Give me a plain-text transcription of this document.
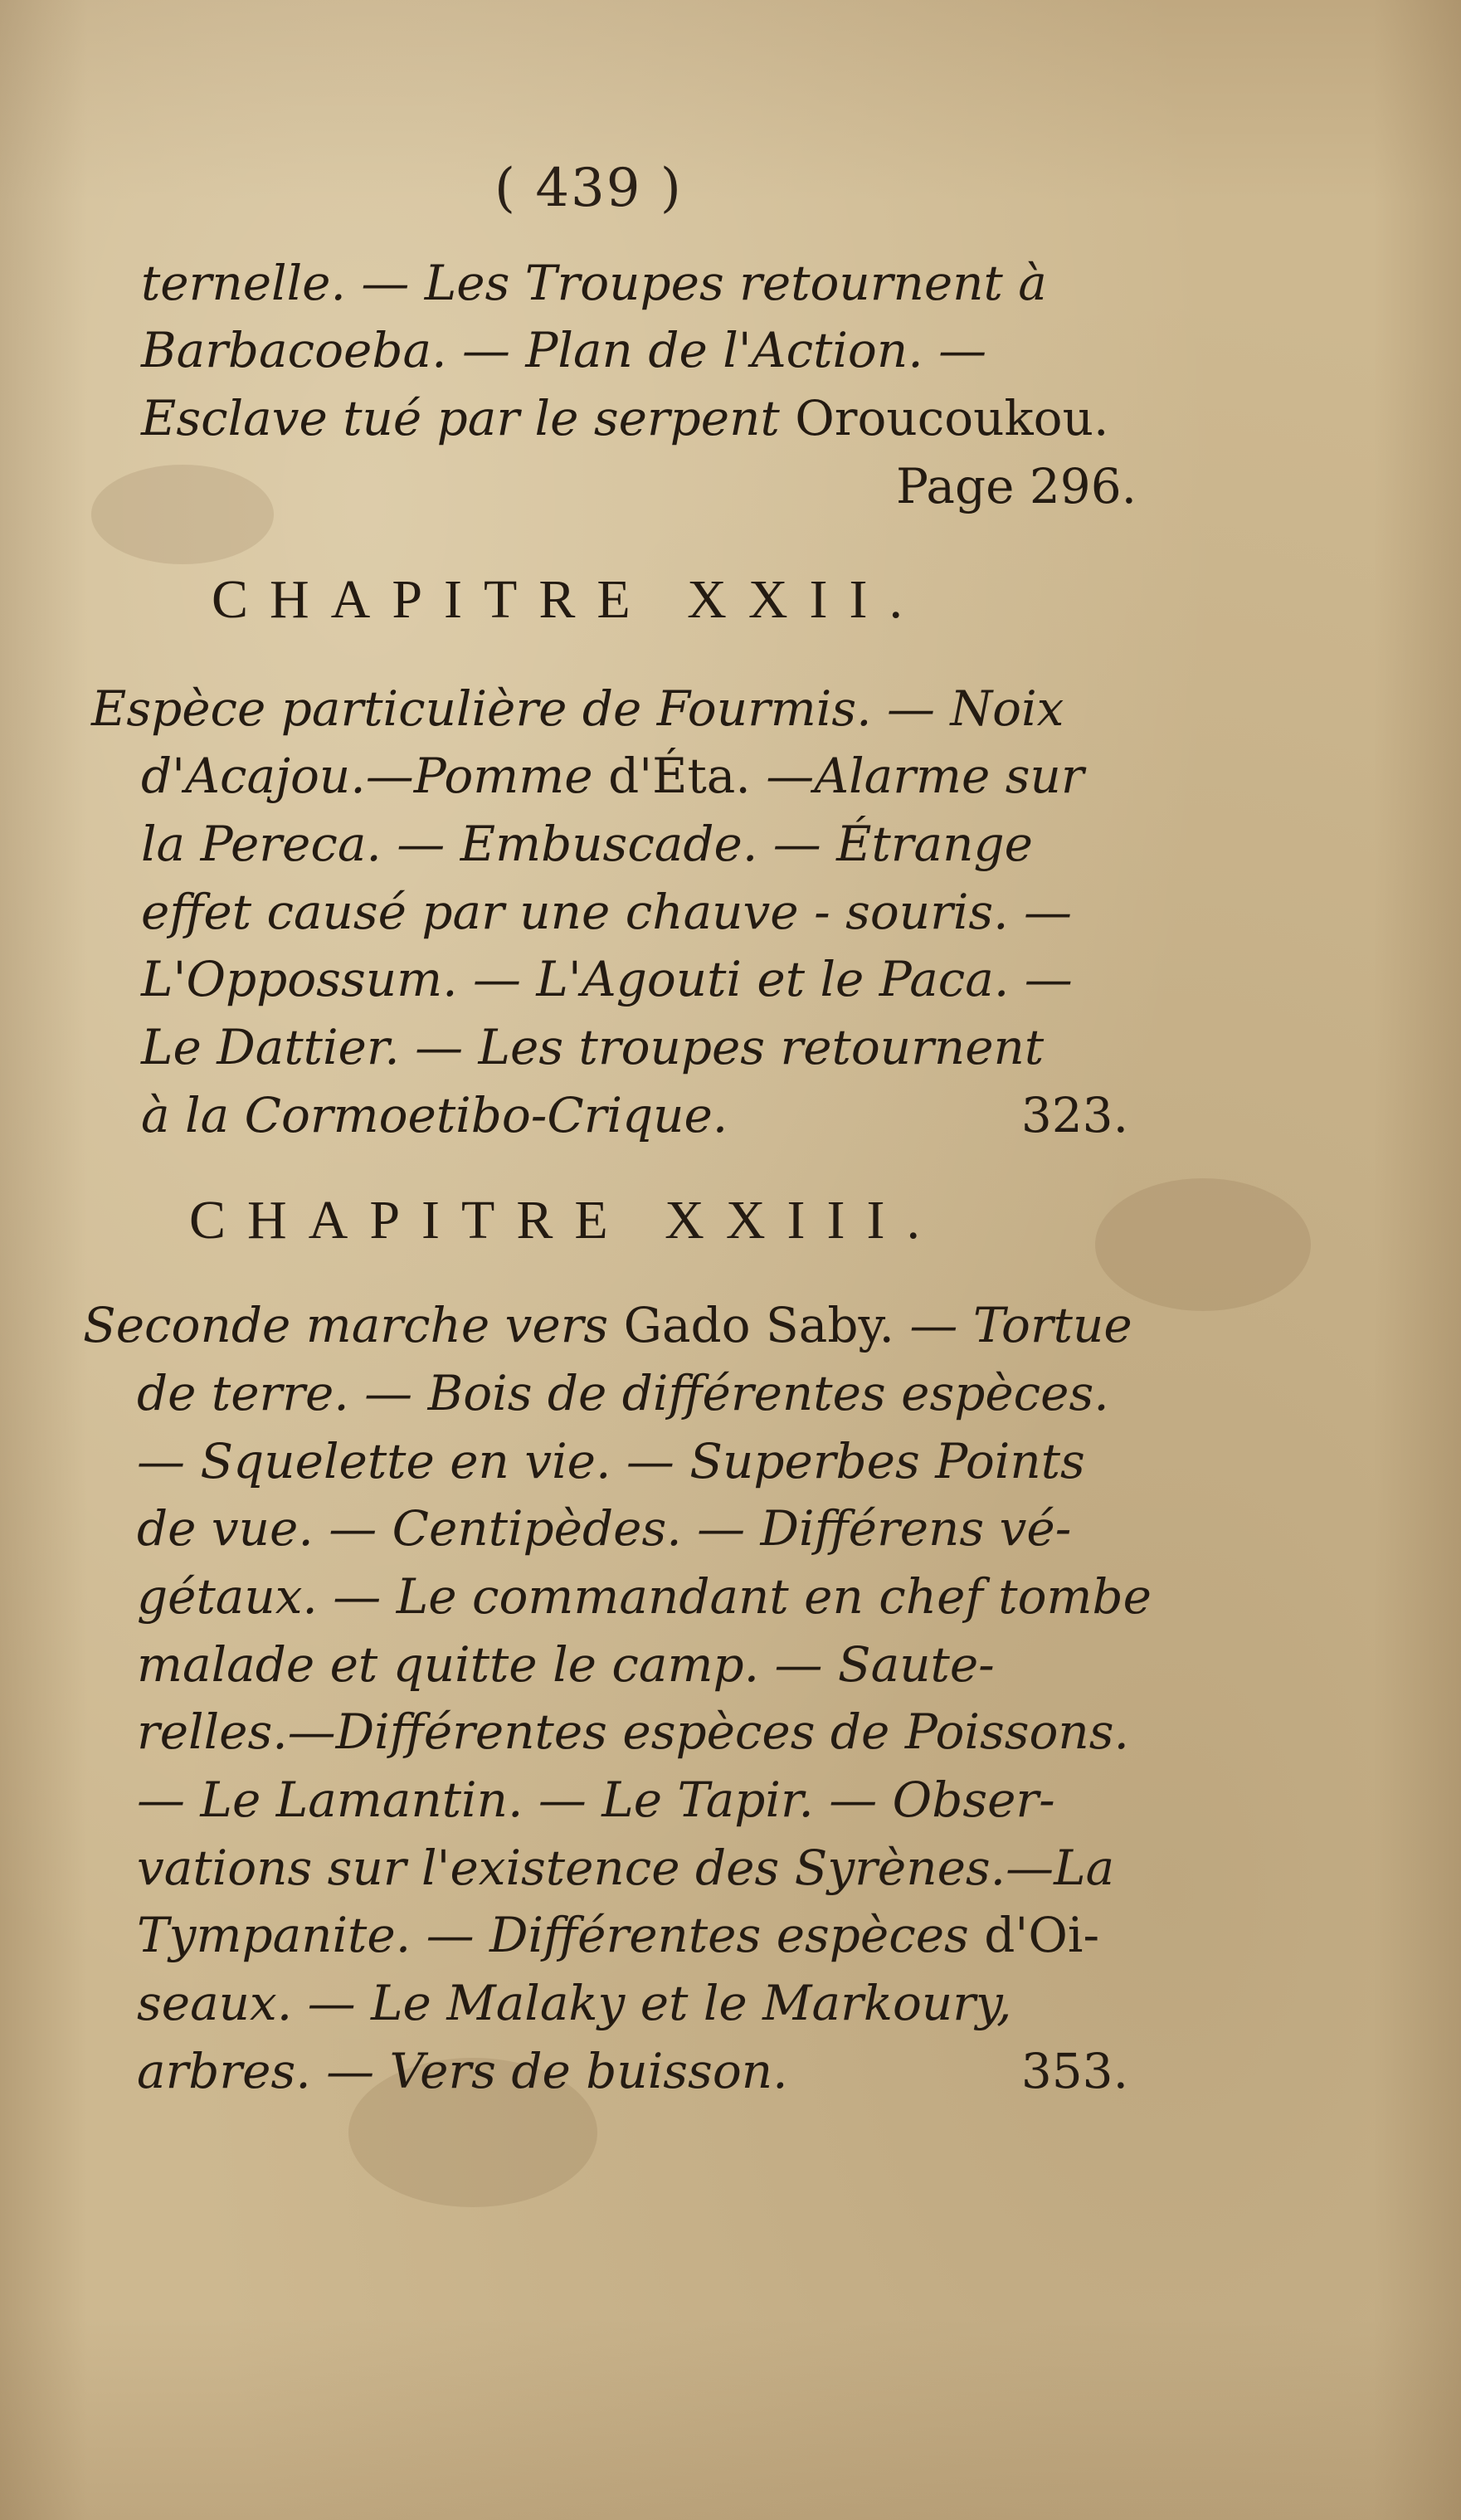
( 439 )
ternelle. — Les Troupes retournent à
Barbacoeba. — Plan de l'Action. —
Esclave tué par le serpent Oroucoukou.
Page 296.
CHAPITRE XXII.
Espèce particulière de Fourmis. — Noix
d'Acajou.—Pomme d'Éta. —Alarme sur
la Pereca. — Embuscade. — Étrange
effet causé par une chauve - souris. —
L'Oppossum. — L'Agouti et le Paca. —
Le Dattier. — Les troupes retournent
à la Cormoetibo-Crique.	323.
CHAPITRE XXIII.
Seconde marche vers Gado Saby. — Tortue
de terre. — Bois de différentes espèces.
— Squelette en vie. — Superbes Points
de vue. — Centipèdes. — Différens vé-
gétaux. — Le commandant en chef tombe
malade et quitte le camp. — Saute-
relles.—Différentes espèces de Poissons.
— Le Lamantin. — Le Tapir. — Obser-
vations sur l'existence des Syrènes.—La
Tympanite. — Différentes espèces d'Oi-
seaux. — Le Malaky et le Markoury,
arbres. — Vers de buisson.	353.
